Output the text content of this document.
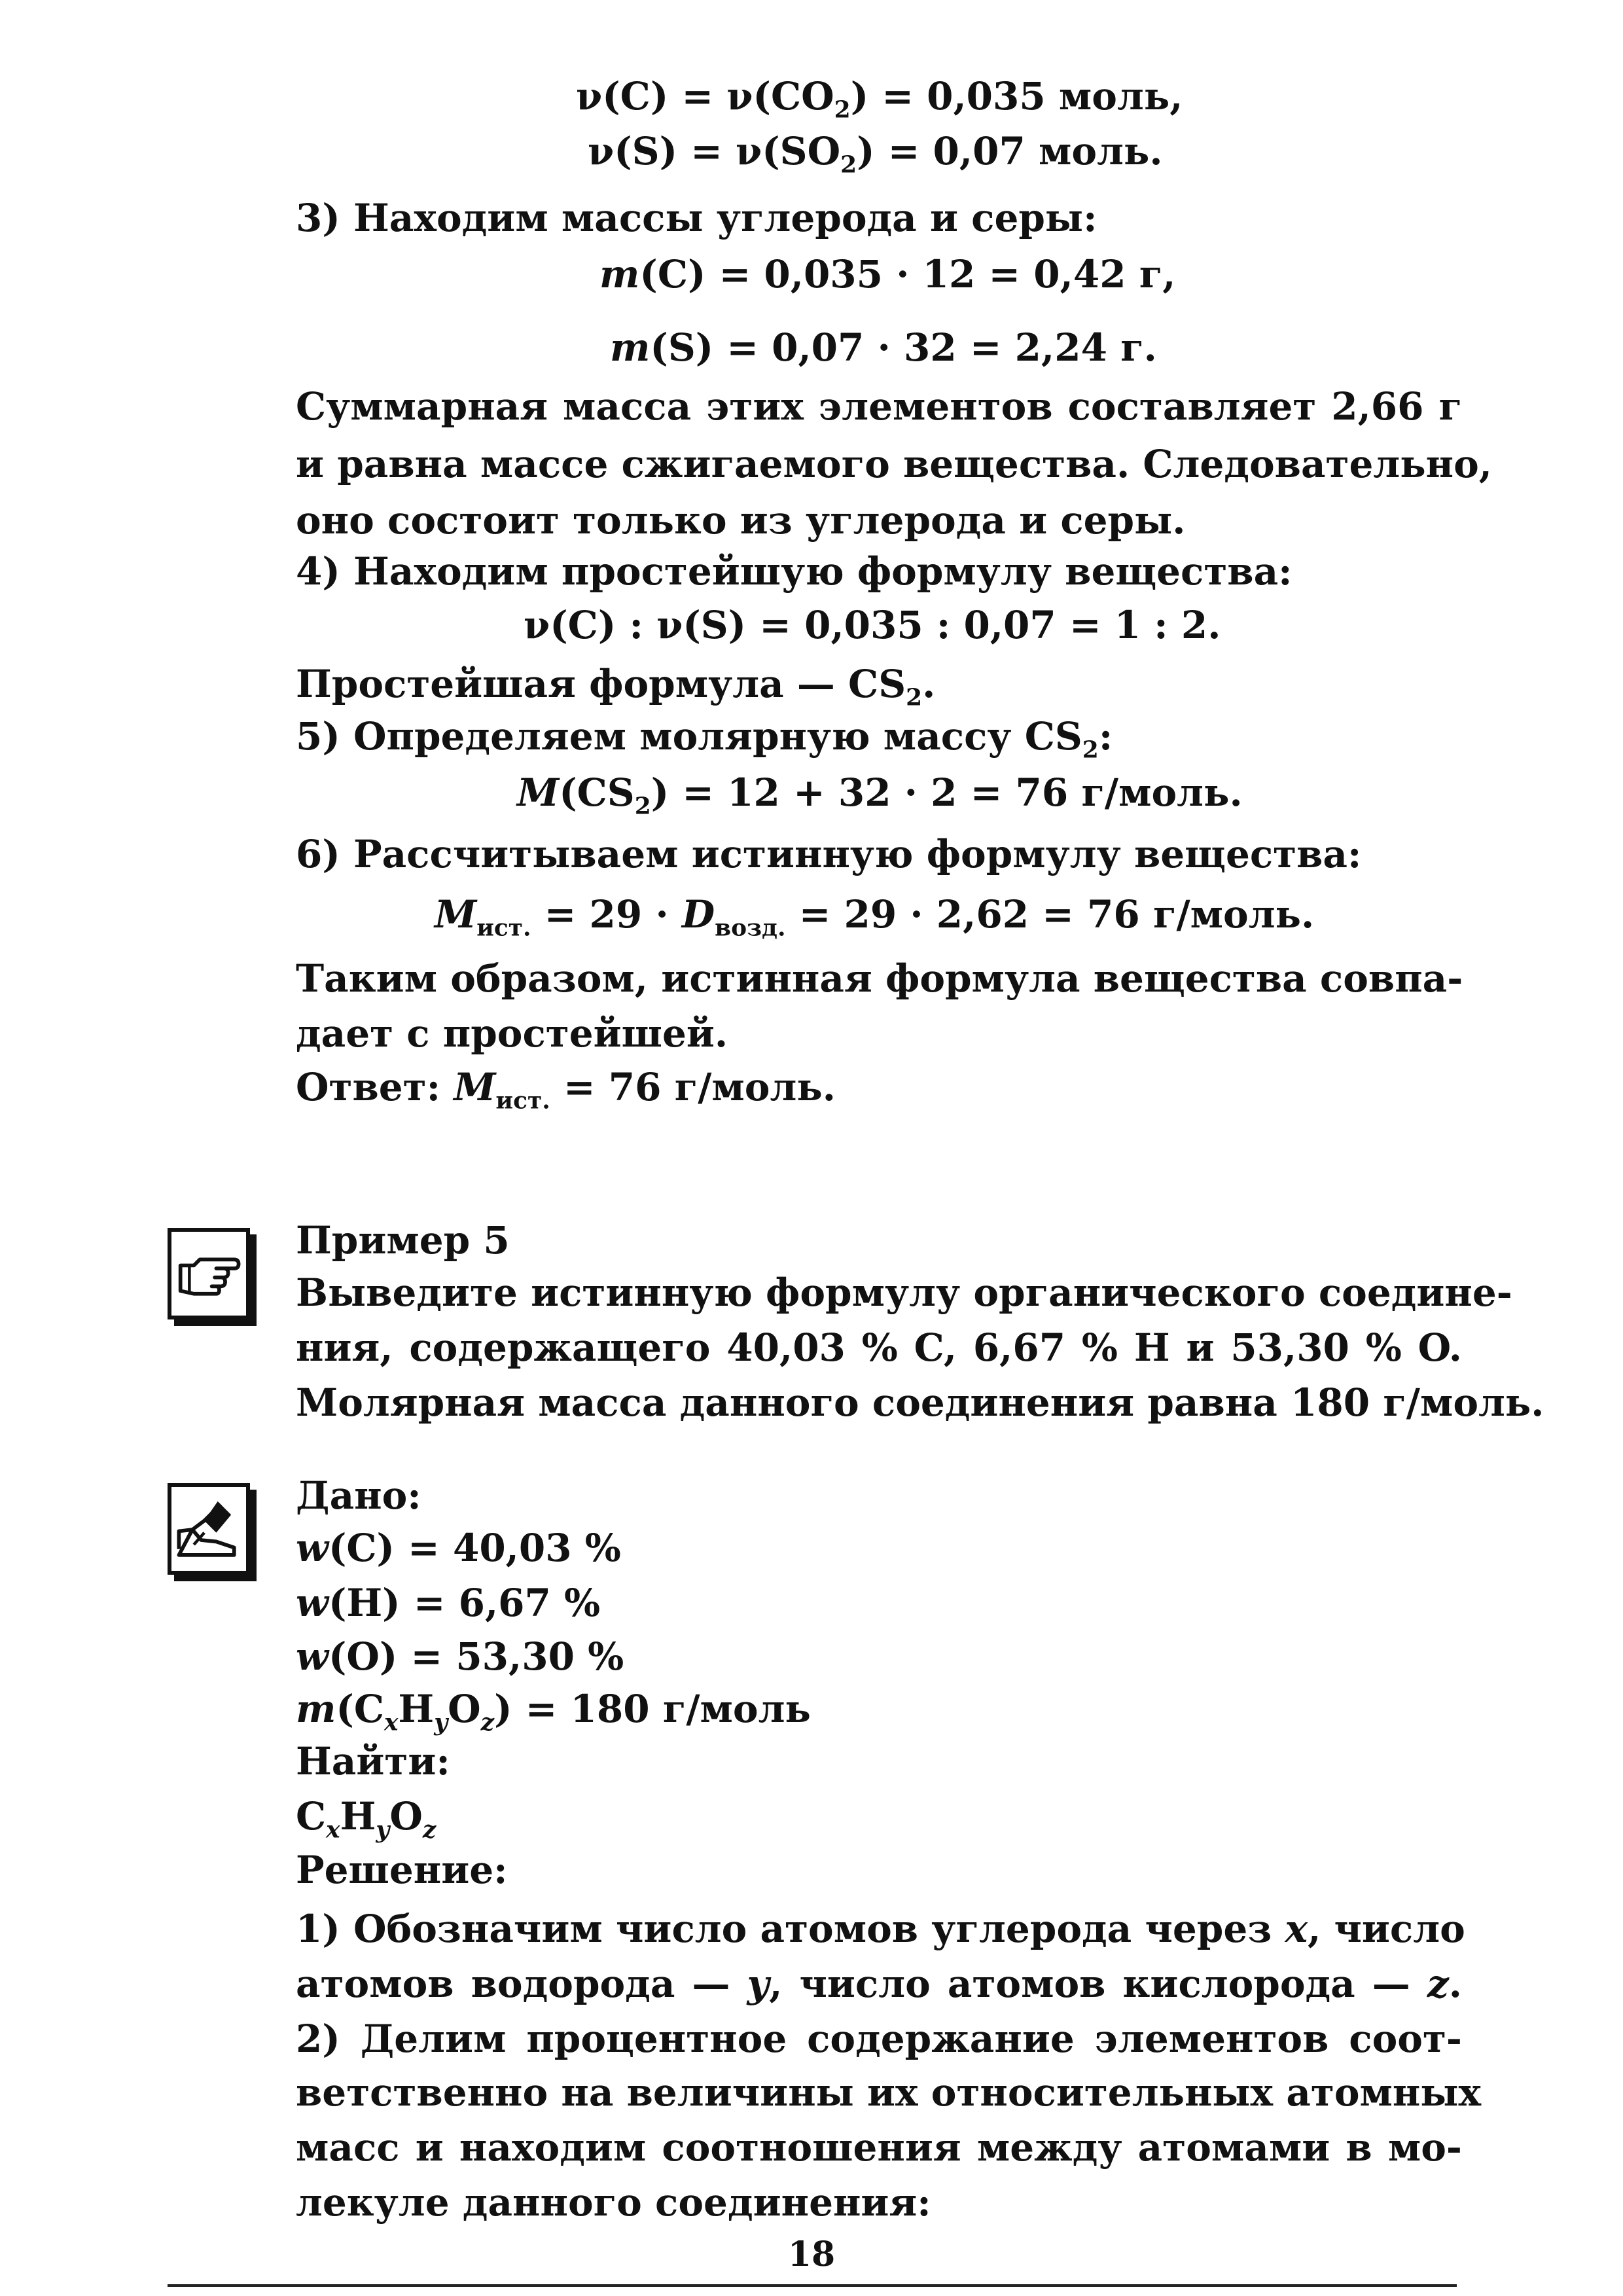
$\nu(C) = \nu(CO_2) = 0,035$ моль,
$\nu(S) = \nu(SO_2) = 0,07$ моль.
3) Находим массы углерода и серы:
m(C) = 0,035 · 12 = 0,42 г,
m(S) = 0,07 · 32 = 2,24 г.
Суммарная масса этих элементов составляет 2,66 г
и равна массе сжигаемого вещества. Следовательно,
оно состоит только из углерода и серы.
4) Находим простейшую формулу вещества:
ν(C) : ν(S) = 0,035 : 0,07 = 1 : 2.
Простейшая формула — $CS_2$.
5) Определяем молярную массу $CS_2$:
$M(CS_2) = 12 + 32 \cdot 2 = 76$ г/моль.
6) Рассчитываем истинную формулу вещества:
$M_{ист.} = 29 \cdot D_{возд.} = 29 \cdot 2,62 = 76$ г/моль.
Таким образом, истинная формула вещества совпа-
дает с простейшей.
Ответ: $M_{ист.} = 76$ г/моль.
Пример 5
Выведите истинную формулу органического соедине-
ния, содержащего 40,03 % C, 6,67 % H и 53,30 % O.
Молярная масса данного соединения равна 180 г/моль.
Дано:
w(C) = 40,03 %
w(H) = 6,67 %
w(O) = 53,30 %
$m(C_xH_yO_z) = 180$ г/моль
Найти:
$C_xH_yO_z$
Решение:
1) Обозначим число атомов углерода через x, число
атомов водорода — y, число атомов кислорода — z.
2) Делим процентное содержание элементов соот-
ветственно на величины их относительных атомных
масс и находим соотношения между атомами в мо-
лекуле данного соединения:
18
